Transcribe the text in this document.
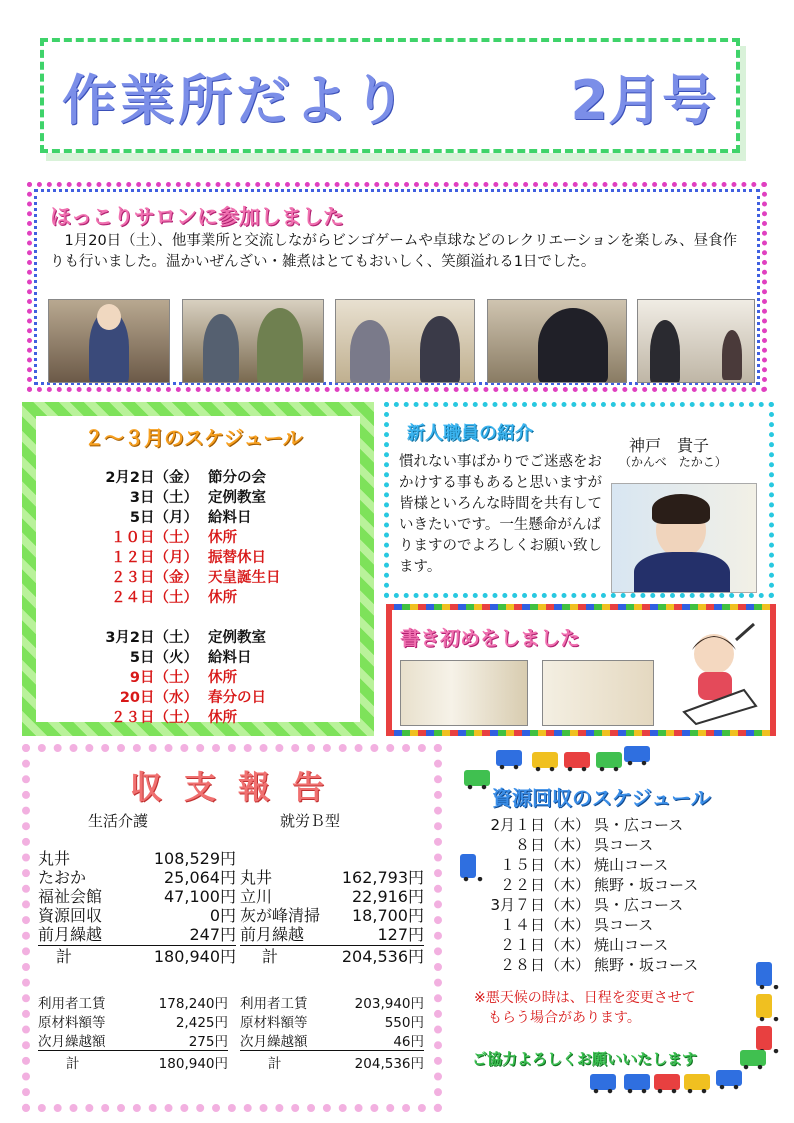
作業所だより	2月号
ほっこりサロンに参加しました
　1月20日（土）、他事業所と交流しながらビンゴゲームや卓球などのレクリエーションを楽しみ、昼食作りも行いました。温かいぜんざい・雑煮はとてもおいしく、笑顔溢れる1日でした。
２～３月のスケジュール
2月2日（金） 節分の会
3日（土） 定例教室
5日（月） 給料日
１０日（土） 休所
１２日（月） 振替休日
２３日（金） 天皇誕生日
２４日（土） 休所
3月2日（土） 定例教室
5日（火） 給料日
9日（土） 休所
20日（水） 春分の日
２３日（土） 休所
新人職員の紹介
神戸　貴子
（かんべ　たかこ）
慣れない事ばかりでご迷惑をおかけする事もあると思いますが皆様といろんな時間を共有していきたいです。一生懸命がんばりますのでよろしくお願い致します。
書き初めをしました
収支報告
生活介護	就労Ｂ型
丸井	108,529円
たおか	25,064円
福祉会館	47,100円
資源回収	0円
前月繰越	247円
計	180,940円
丸井	162,793円
立川	22,916円
灰が峰清掃 18,700円
前月繰越	127円
計	204,536円
利用者工賃	178,240円
原材料額等	2,425円
次月繰越額	275円
計	180,940円
利用者工賃	203,940円
原材料額等	550円
次月繰越額	46円
計	204,536円
資源回収のスケジュール
2月１日（木） 呉・広コース
８日（木） 呉コース
１５日（木） 焼山コース
２２日（木） 熊野・坂コース
3月７日（木） 呉・広コース
１４日（木） 呉コース
２１日（木） 焼山コース
２８日（木） 熊野・坂コース
※悪天候の時は、日程を変更させて
もらう場合があります。
ご協力よろしくお願いいたします
